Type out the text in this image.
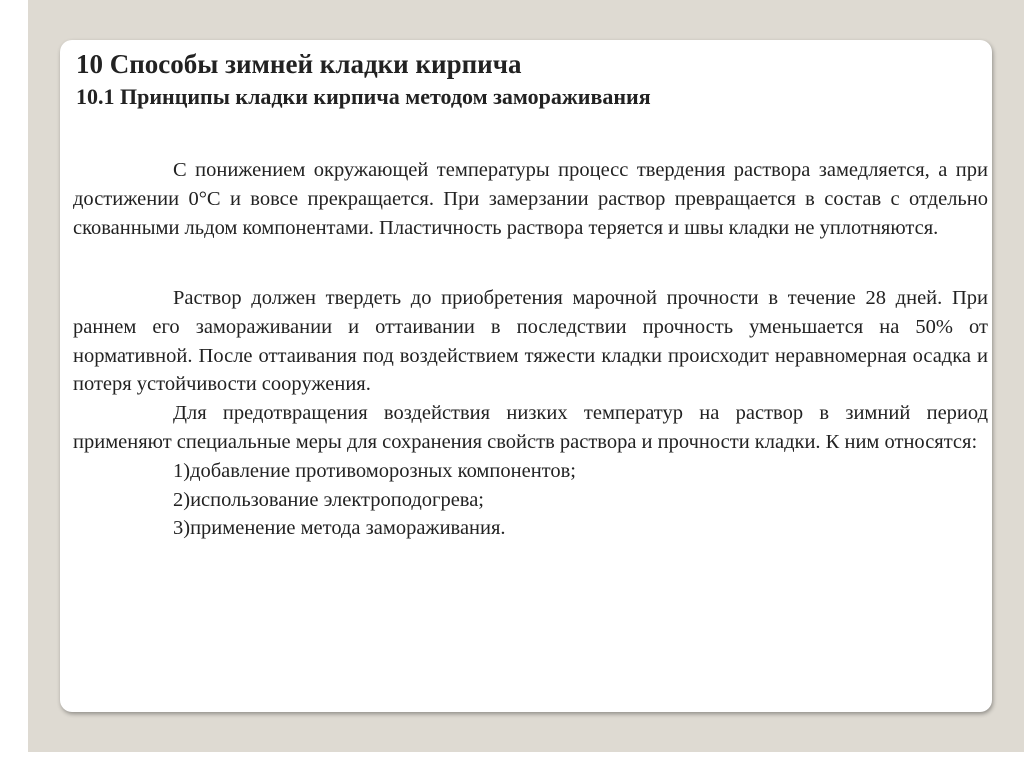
10 Способы зимней кладки кирпича
10.1 Принципы кладки кирпича методом замораживания

С понижением окружающей температуры процесс твердения раствора замедляется, а при достижении 0°С и вовсе прекращается. При замерзании раствор превращается в состав с отдельно скованными льдом компонентами. Пластичность раствора теряется и швы кладки не уплотняются.

Раствор должен твердеть до приобретения марочной прочности в течение 28 дней. При раннем его замораживании и оттаивании в последствии прочность уменьшается на 50% от нормативной. После оттаивания под воздействием тяжести кладки происходит неравномерная осадка и потеря устойчивости сооружения.

Для предотвращения воздействия низких температур на раствор в зимний период применяют специальные меры для сохранения свойств раствора и прочности кладки. К ним относятся:

1)добавление противоморозных компонентов;
2)использование электроподогрева;
3)применение метода замораживания.
